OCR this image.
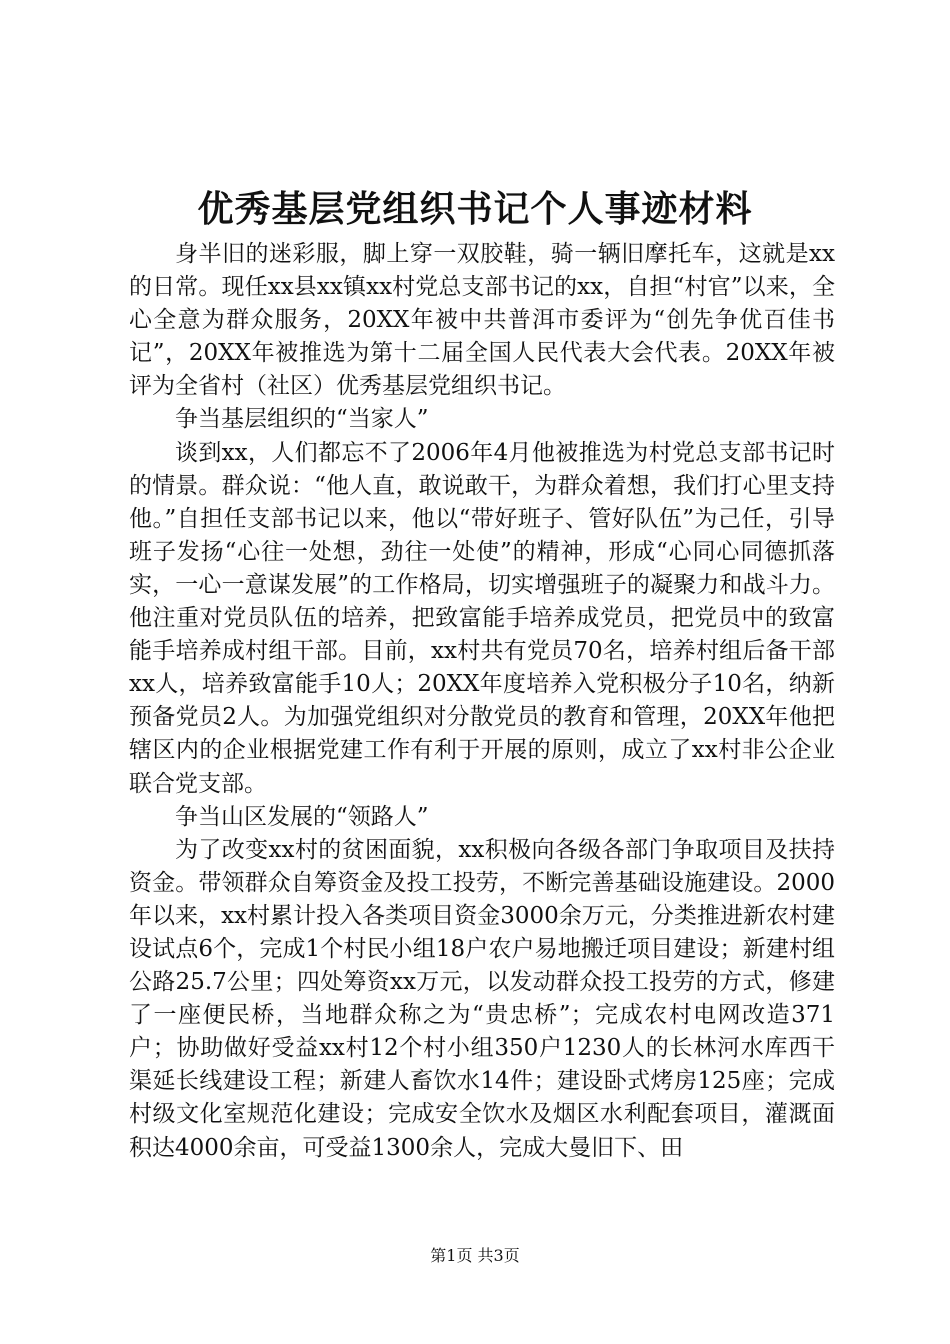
优秀基层党组织书记个人事迹材料

身半旧的迷彩服，脚上穿一双胶鞋，骑一辆旧摩托车，这就是xx的日常。现任xx县xx镇xx村党总支部书记的xx，自担“村官”以来，全心全意为群众服务，20XX年被中共普洱市委评为“创先争优百佳书记”，20XX年被推选为第十二届全国人民代表大会代表。20XX年被评为全省村（社区）优秀基层党组织书记。

争当基层组织的“当家人”

谈到xx，人们都忘不了2006年4月他被推选为村党总支部书记时的情景。群众说：“他人直，敢说敢干，为群众着想，我们打心里支持他。”自担任支部书记以来，他以“带好班子、管好队伍”为己任，引导班子发扬“心往一处想，劲往一处使”的精神，形成“心同心同德抓落实，一心一意谋发展”的工作格局，切实增强班子的凝聚力和战斗力。他注重对党员队伍的培养，把致富能手培养成党员，把党员中的致富能手培养成村组干部。目前，xx村共有党员70名，培养村组后备干部xx人，培养致富能手10人；20XX年度培养入党积极分子10名，纳新预备党员2人。为加强党组织对分散党员的教育和管理，20XX年他把辖区内的企业根据党建工作有利于开展的原则，成立了xx村非公企业联合党支部。

争当山区发展的“领路人”

为了改变xx村的贫困面貌，xx积极向各级各部门争取项目及扶持资金。带领群众自筹资金及投工投劳，不断完善基础设施建设。2000年以来，xx村累计投入各类项目资金3000余万元，分类推进新农村建设试点6个，完成1个村民小组18户农户易地搬迁项目建设；新建村组公路25.7公里；四处筹资xx万元，以发动群众投工投劳的方式，修建了一座便民桥，当地群众称之为“贵忠桥”；完成农村电网改造371户；协助做好受益xx村12个村小组350户1230人的长林河水库西干渠延长线建设工程；新建人畜饮水14件；建设卧式烤房125座；完成村级文化室规范化建设；完成安全饮水及烟区水利配套项目，灌溉面积达4000余亩，可受益1300余人，完成大曼旧下、田

第1页 共3页
